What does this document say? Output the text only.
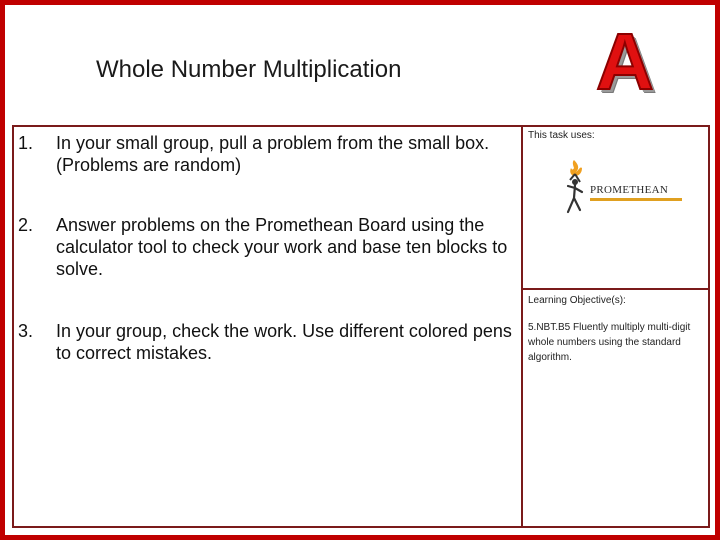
Whole Number Multiplication A
1. In your small group, pull a problem from the small box. (Problems are random)
2. Answer problems on the Promethean Board using the calculator tool to check your work and base ten blocks to solve.
3. In your group, check the work. Use different colored pens to correct mistakes.
This task uses:
PROMETHEAN
Learning Objective(s):
5.NBT.B5 Fluently multiply multi-digit whole numbers using the standard algorithm.
